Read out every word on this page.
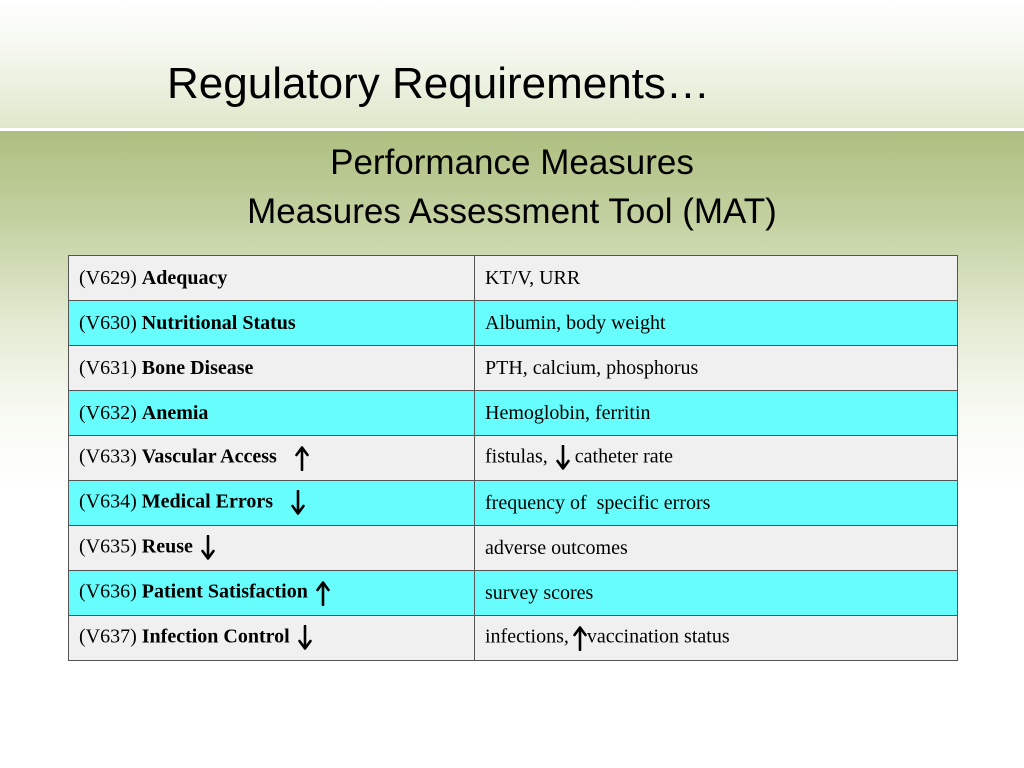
Regulatory Requirements…

Performance Measures

Measures Assessment Tool (MAT)

(V629) Adequacy	KT/V, URR
(V630) Nutritional Status	Albumin, body weight
(V631) Bone Disease	PTH, calcium, phosphorus
(V632) Anemia	Hemoglobin, ferritin
(V633) Vascular Access	fistulas, catheter rate
(V634) Medical Errors	frequency of  specific errors
(V635) Reuse	adverse outcomes
(V636) Patient Satisfaction	survey scores
(V637) Infection Control	infections, vaccination status
